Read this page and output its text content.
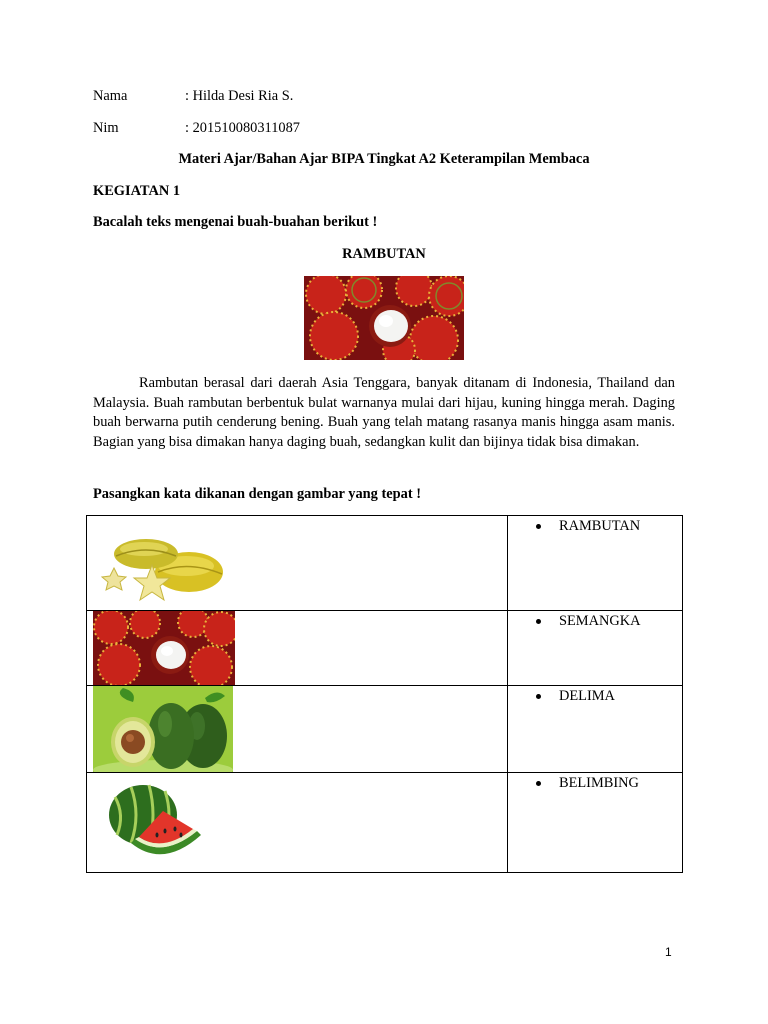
Nama	: Hilda Desi Ria S.
Nim	: 201510080311087
Materi Ajar/Bahan Ajar BIPA Tingkat A2 Keterampilan Membaca
KEGIATAN 1
Bacalah teks mengenai buah-buahan berikut !
RAMBUTAN
Rambutan berasal dari daerah Asia Tenggara, banyak ditanam di Indonesia, Thailand dan Malaysia. Buah rambutan berbentuk bulat warnanya mulai dari hijau, kuning hingga merah. Daging buah berwarna putih cenderung bening. Buah yang telah matang rasanya manis hingga asam manis. Bagian yang bisa dimakan hanya daging buah, sedangkan kulit dan bijinya tidak bisa dimakan.
Pasangkan kata dikanan dengan gambar yang tepat !

RAMBUTAN

SEMANGKA

DELIMA

BELIMBING
1
